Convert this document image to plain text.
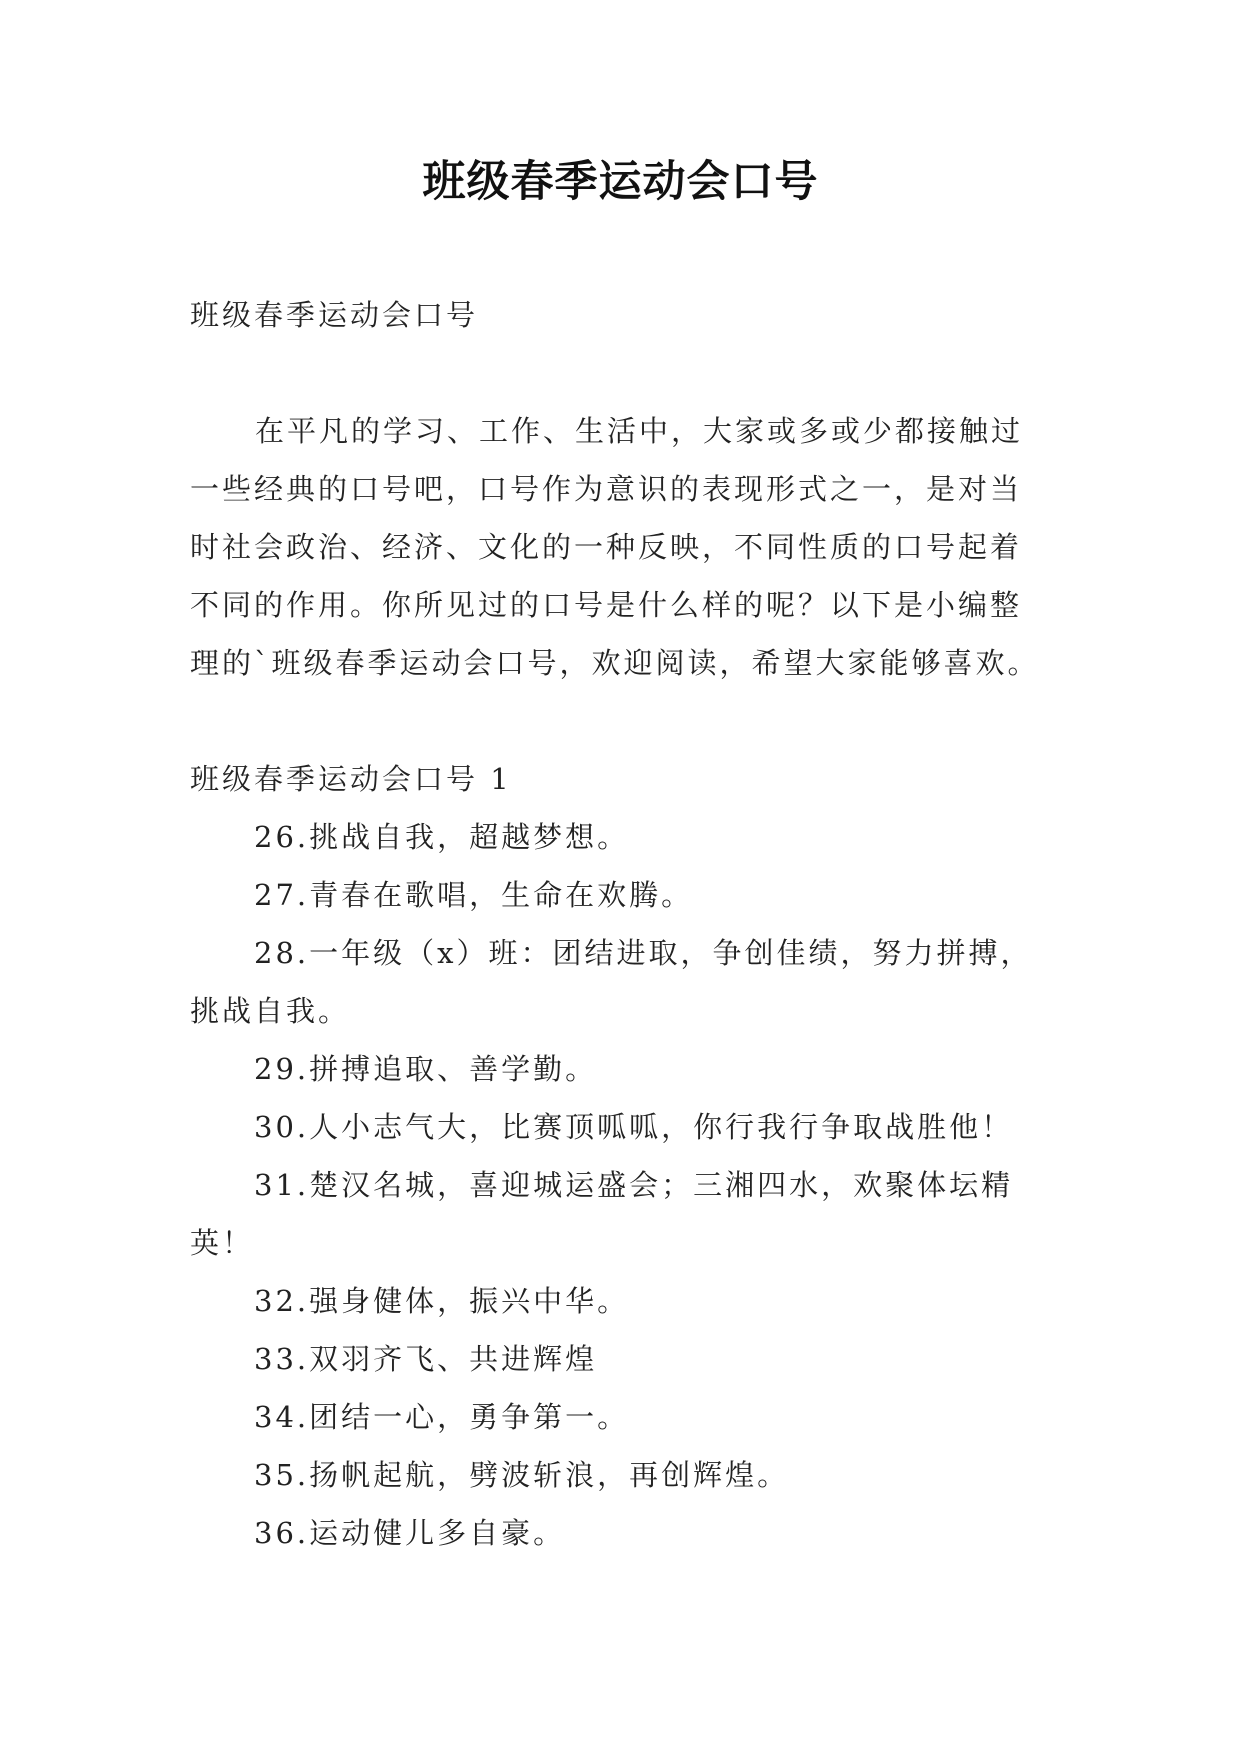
班级春季运动会口号
班级春季运动会口号
在平凡的学习、工作、生活中，大家或多或少都接触过
一些经典的口号吧，口号作为意识的表现形式之一，是对当
时社会政治、经济、文化的一种反映，不同性质的口号起着
不同的作用。你所见过的口号是什么样的呢？以下是小编整
理的`班级春季运动会口号，欢迎阅读，希望大家能够喜欢。
班级春季运动会口号 1
26.挑战自我，超越梦想。
27.青春在歌唱，生命在欢腾。
28.一年级（x）班：团结进取，争创佳绩，努力拼搏，
挑战自我。
29.拼搏追取、善学勤。
30.人小志气大，比赛顶呱呱，你行我行争取战胜他！
31.楚汉名城，喜迎城运盛会；三湘四水，欢聚体坛精
英！
32.强身健体，振兴中华。
33.双羽齐飞、共进辉煌
34.团结一心，勇争第一。
35.扬帆起航，劈波斩浪，再创辉煌。
36.运动健儿多自豪。
